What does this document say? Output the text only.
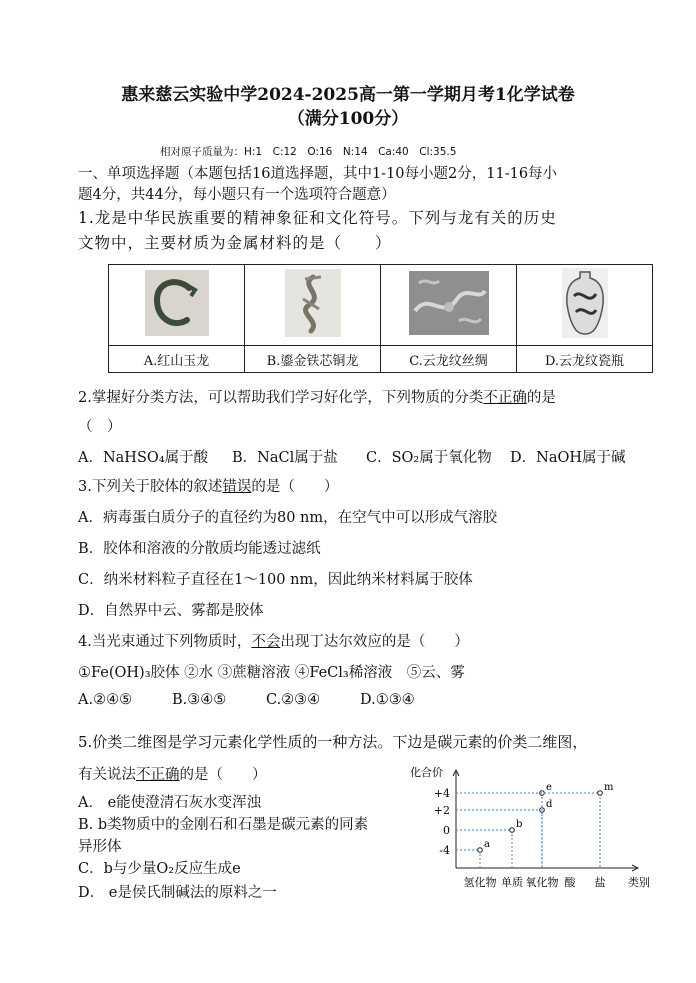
惠来慈云实验中学2024-2025高一第一学期月考1化学试卷
（满分100分）
相对原子质量为：H:1　C:12　O:16　N:14　Ca:40　Cl:35.5
一、单项选择题（本题包括16道选择题，其中1-10每小题2分，11-16每小
题4分，共44分，每小题只有一个选项符合题意）
1.龙是中华民族重要的精神象征和文化符号。下列与龙有关的历史
文物中，主要材质为金属材料的是（　　）

A.红山玉龙	B.鎏金铁芯铜龙	C.云龙纹丝绸	D.云龙纹瓷瓶
2.掌握好分类方法，可以帮助我们学习好化学，下列物质的分类不正确的是
（　）
A．NaHSO₄属于酸 B．NaCl属于盐 C．SO₂属于氧化物 D．NaOH属于碱
3.下列关于胶体的叙述错误的是（　　）
A．病毒蛋白质分子的直径约为80 nm，在空气中可以形成气溶胶
B．胶体和溶液的分散质均能透过滤纸
C．纳米材料粒子直径在1～100 nm，因此纳米材料属于胶体
D．自然界中云、雾都是胶体
4.当光束通过下列物质时，不会出现丁达尔效应的是（　　）
①Fe(OH)₃胶体 ②水 ③蔗糖溶液 ④FeCl₃稀溶液　⑤云、雾
A.②④⑤	B.③④⑤	C.②③④	D.①③④
5.价类二维图是学习元素化学性质的一种方法。下边是碳元素的价类二维图，
有关说法不正确的是（　　）
A． e能使澄清石灰水变浑浊
B. b类物质中的金刚石和石墨是碳元素的同素
异形体
C．b与少量O₂反应生成e
D． e是侯氏制碱法的原料之一
化合价
类别
+4
+2
0
-4
氢化物 单质 氧化物 酸 盐
a
b
d
e	m
